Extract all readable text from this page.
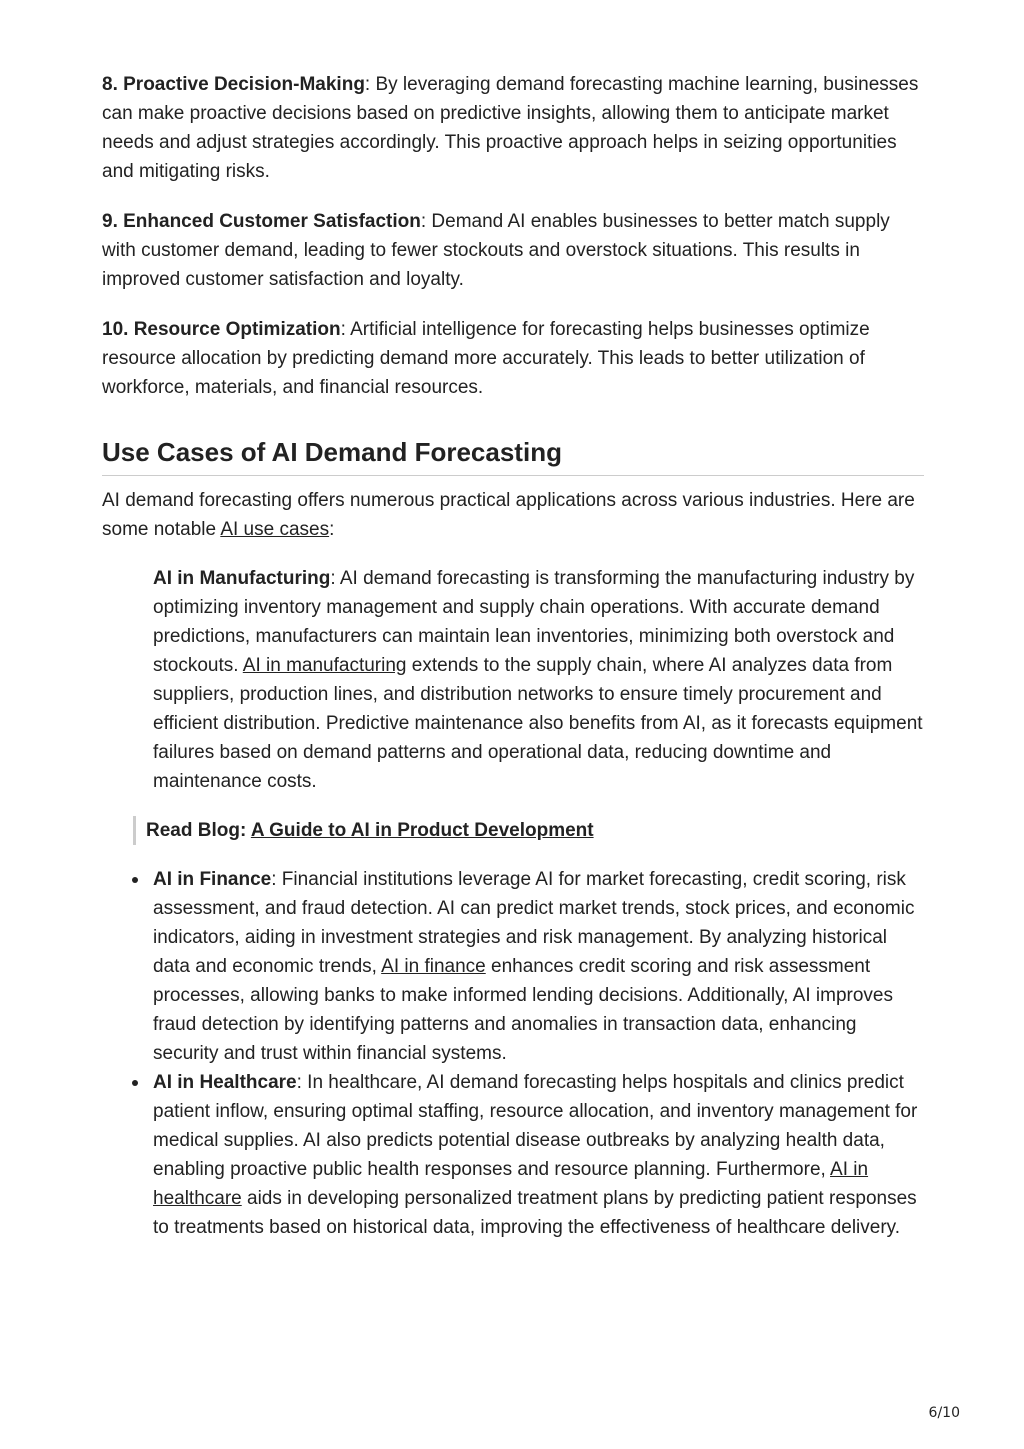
8. Proactive Decision-Making: By leveraging demand forecasting machine learning, businesses can make proactive decisions based on predictive insights, allowing them to anticipate market needs and adjust strategies accordingly. This proactive approach helps in seizing opportunities and mitigating risks.

9. Enhanced Customer Satisfaction: Demand AI enables businesses to better match supply with customer demand, leading to fewer stockouts and overstock situations. This results in improved customer satisfaction and loyalty.

10. Resource Optimization: Artificial intelligence for forecasting helps businesses optimize resource allocation by predicting demand more accurately. This leads to better utilization of workforce, materials, and financial resources.

Use Cases of AI Demand Forecasting

AI demand forecasting offers numerous practical applications across various industries. Here are some notable AI use cases:

AI in Manufacturing: AI demand forecasting is transforming the manufacturing industry by optimizing inventory management and supply chain operations. With accurate demand predictions, manufacturers can maintain lean inventories, minimizing both overstock and stockouts. AI in manufacturing extends to the supply chain, where AI analyzes data from suppliers, production lines, and distribution networks to ensure timely procurement and efficient distribution. Predictive maintenance also benefits from AI, as it forecasts equipment failures based on demand patterns and operational data, reducing downtime and maintenance costs.

Read Blog: A Guide to AI in Product Development
AI in Finance: Financial institutions leverage AI for market forecasting, credit scoring, risk assessment, and fraud detection. AI can predict market trends, stock prices, and economic indicators, aiding in investment strategies and risk management. By analyzing historical data and economic trends, AI in finance enhances credit scoring and risk assessment processes, allowing banks to make informed lending decisions. Additionally, AI improves fraud detection by identifying patterns and anomalies in transaction data, enhancing security and trust within financial systems.
AI in Healthcare: In healthcare, AI demand forecasting helps hospitals and clinics predict patient inflow, ensuring optimal staffing, resource allocation, and inventory management for medical supplies. AI also predicts potential disease outbreaks by analyzing health data, enabling proactive public health responses and resource planning. Furthermore, AI in healthcare aids in developing personalized treatment plans by predicting patient responses to treatments based on historical data, improving the effectiveness of healthcare delivery.
6/10
